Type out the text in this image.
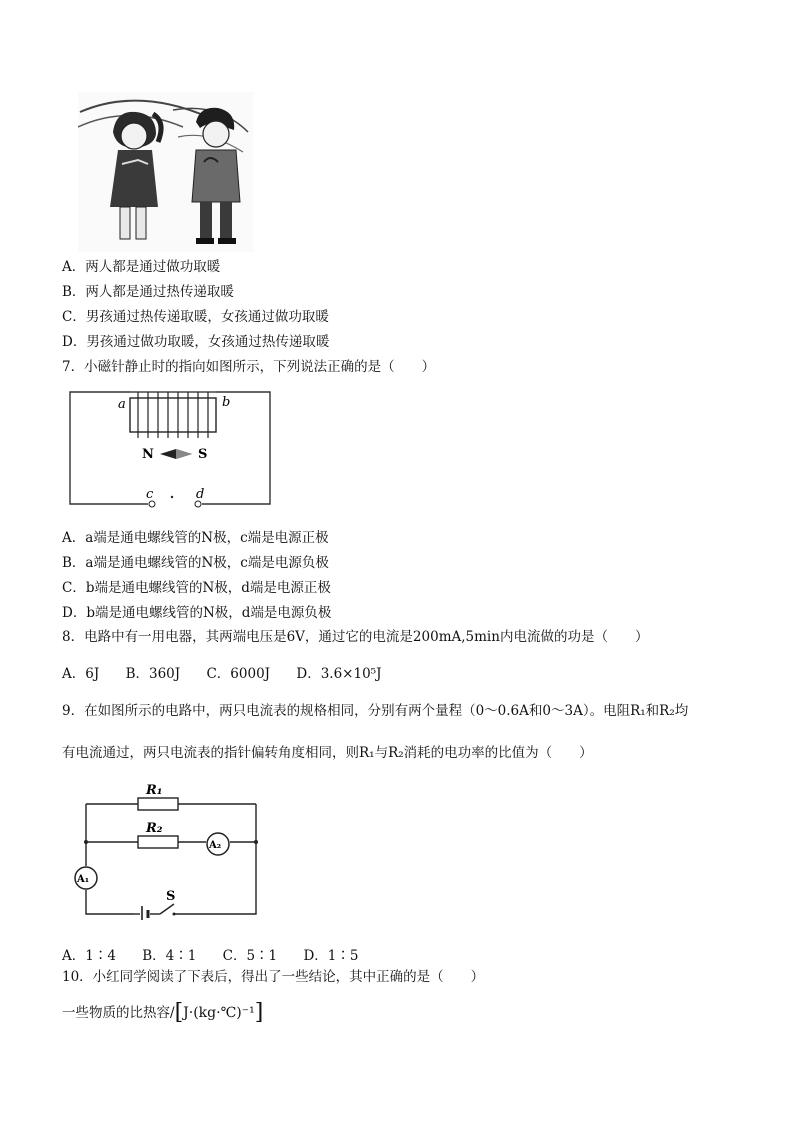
A．两人都是通过做功取暖
B．两人都是通过热传递取暖
C．男孩通过热传递取暖，女孩通过做功取暖
D．男孩通过做功取暖，女孩通过热传递取暖
7．小磁针静止时的指向如图所示，下列说法正确的是（　　）
a	b
N	S
c	d
A．a端是通电螺线管的N极，c端是电源正极
B．a端是通电螺线管的N极，c端是电源负极
C．b端是通电螺线管的N极，d端是电源正极
D．b端是通电螺线管的N极，d端是电源负极
8．电路中有一用电器，其两端电压是6V，通过它的电流是200mA,5min内电流做的功是（　　）
A．6J B．360J C．6000J D．3.6×10⁵J
9．在如图所示的电路中，两只电流表的规格相同，分别有两个量程（0～0.6A和0～3A）。电阻R₁和R₂均
有电流通过，两只电流表的指针偏转角度相同，则R₁与R₂消耗的电功率的比值为（　　）
R₁
R₂
A₂
A₁
S
A．1∶4 B．4∶1 C．5∶1 D．1∶5
10．小红同学阅读了下表后，得出了一些结论，其中正确的是（　　）
一些物质的比热容/[J·(kg·℃)⁻¹]
